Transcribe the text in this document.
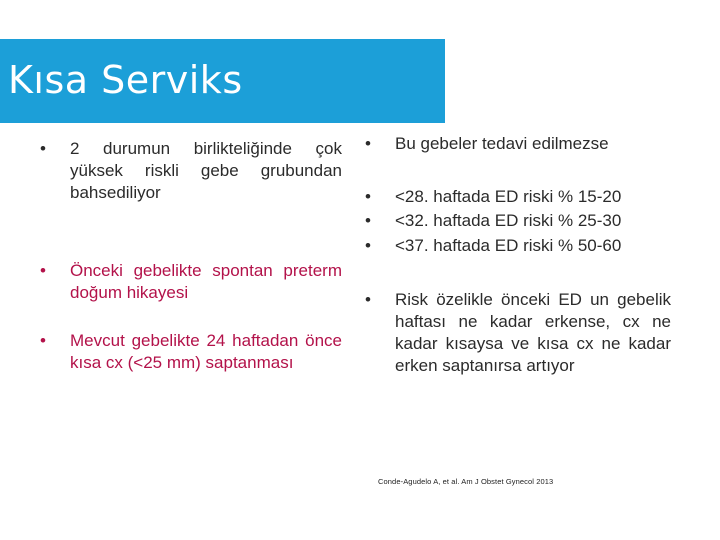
Kısa Serviks
•	2 durumun birlikteliğinde çok yüksek riskli gebe grubundan bahsediliyor
•	Önceki gebelikte spontan preterm doğum hikayesi
•	Mevcut gebelikte 24 haftadan önce kısa cx (<25 mm) saptanması
•	Bu gebeler tedavi edilmezse
•	<28. haftada ED riski % 15-20
•	<32. haftada ED riski % 25-30
•	<37. haftada ED riski % 50-60
•	Risk özelikle önceki ED un gebelik haftası ne kadar erkense, cx ne kadar kısaysa ve kısa cx ne kadar erken saptanırsa artıyor
Conde-Agudelo A, et al. Am J Obstet Gynecol 2013
